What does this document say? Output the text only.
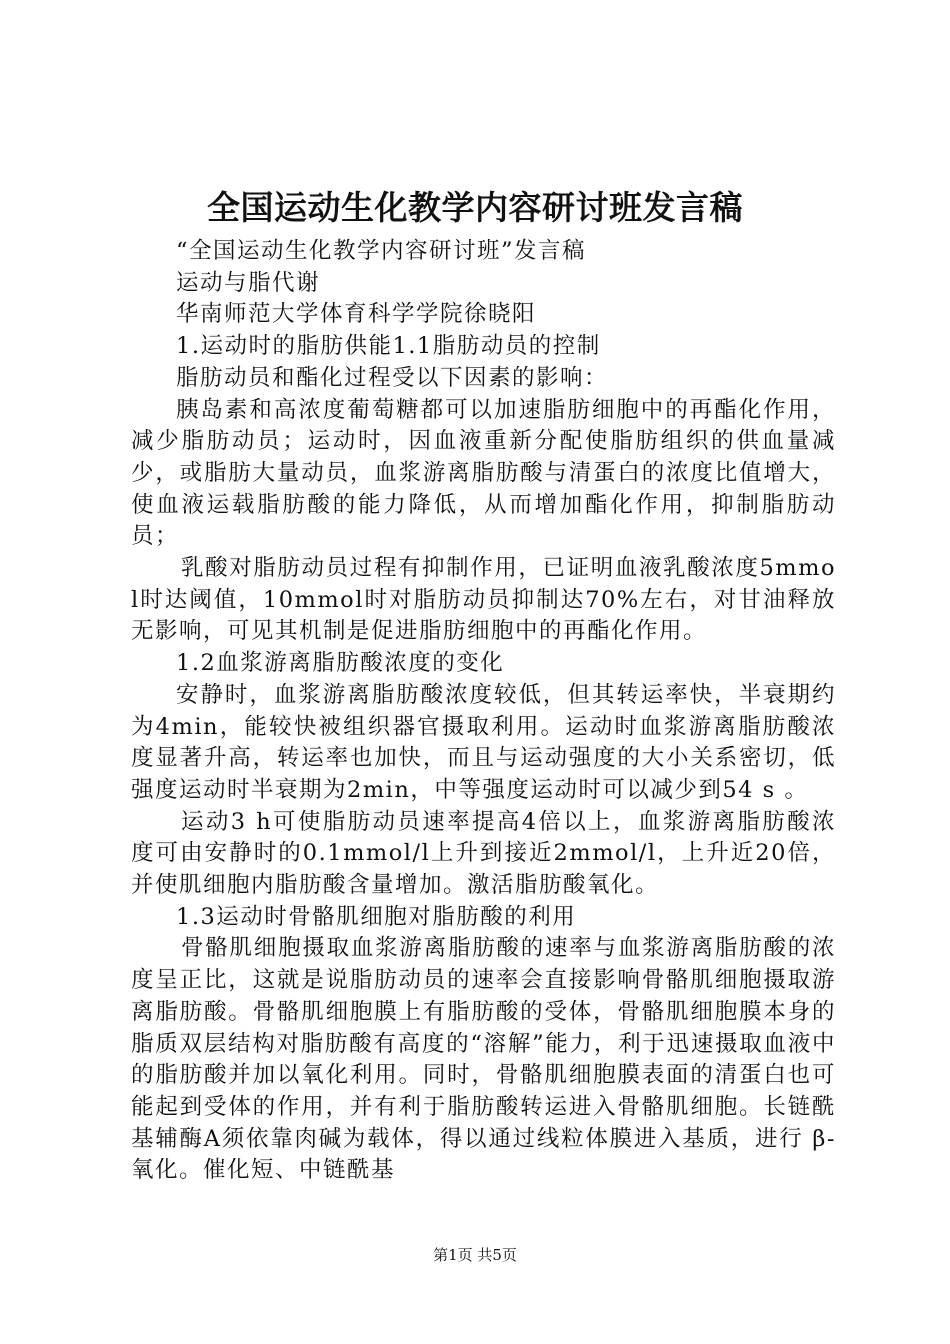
全国运动生化教学内容研讨班发言稿

“全国运动生化教学内容研讨班”发言稿

运动与脂代谢

华南师范大学体育科学学院徐晓阳

1.运动时的脂肪供能1.1脂肪动员的控制

脂肪动员和酯化过程受以下因素的影响：

胰岛素和高浓度葡萄糖都可以加速脂肪细胞中的再酯化作用，减少脂肪动员；运动时，因血液重新分配使脂肪组织的供血量减少，或脂肪大量动员，血浆游离脂肪酸与清蛋白的浓度比值增大，使血液运载脂肪酸的能力降低，从而增加酯化作用，抑制脂肪动员；

乳酸对脂肪动员过程有抑制作用，已证明血液乳酸浓度5mmol时达阈值，10mmol时对脂肪动员抑制达70%左右，对甘油释放无影响，可见其机制是促进脂肪细胞中的再酯化作用。

1.2血浆游离脂肪酸浓度的变化

安静时，血浆游离脂肪酸浓度较低，但其转运率快，半衰期约为4min，能较快被组织器官摄取利用。运动时血浆游离脂肪酸浓度显著升高，转运率也加快，而且与运动强度的大小关系密切，低强度运动时半衰期为2min，中等强度运动时可以减少到54 s 。

运动3 h可使脂肪动员速率提高4倍以上，血浆游离脂肪酸浓度可由安静时的0.1mmol/l上升到接近2mmol/l，上升近20倍，并使肌细胞内脂肪酸含量增加。激活脂肪酸氧化。

1.3运动时骨骼肌细胞对脂肪酸的利用

骨骼肌细胞摄取血浆游离脂肪酸的速率与血浆游离脂肪酸的浓度呈正比，这就是说脂肪动员的速率会直接影响骨骼肌细胞摄取游离脂肪酸。骨骼肌细胞膜上有脂肪酸的受体，骨骼肌细胞膜本身的脂质双层结构对脂肪酸有高度的“溶解”能力，利于迅速摄取血液中的脂肪酸并加以氧化利用。同时，骨骼肌细胞膜表面的清蛋白也可能起到受体的作用，并有利于脂肪酸转运进入骨骼肌细胞。长链酰基辅酶A须依靠肉碱为载体，得以通过线粒体膜进入基质，进行 β-氧化。催化短、中链酰基

第1页 共5页
